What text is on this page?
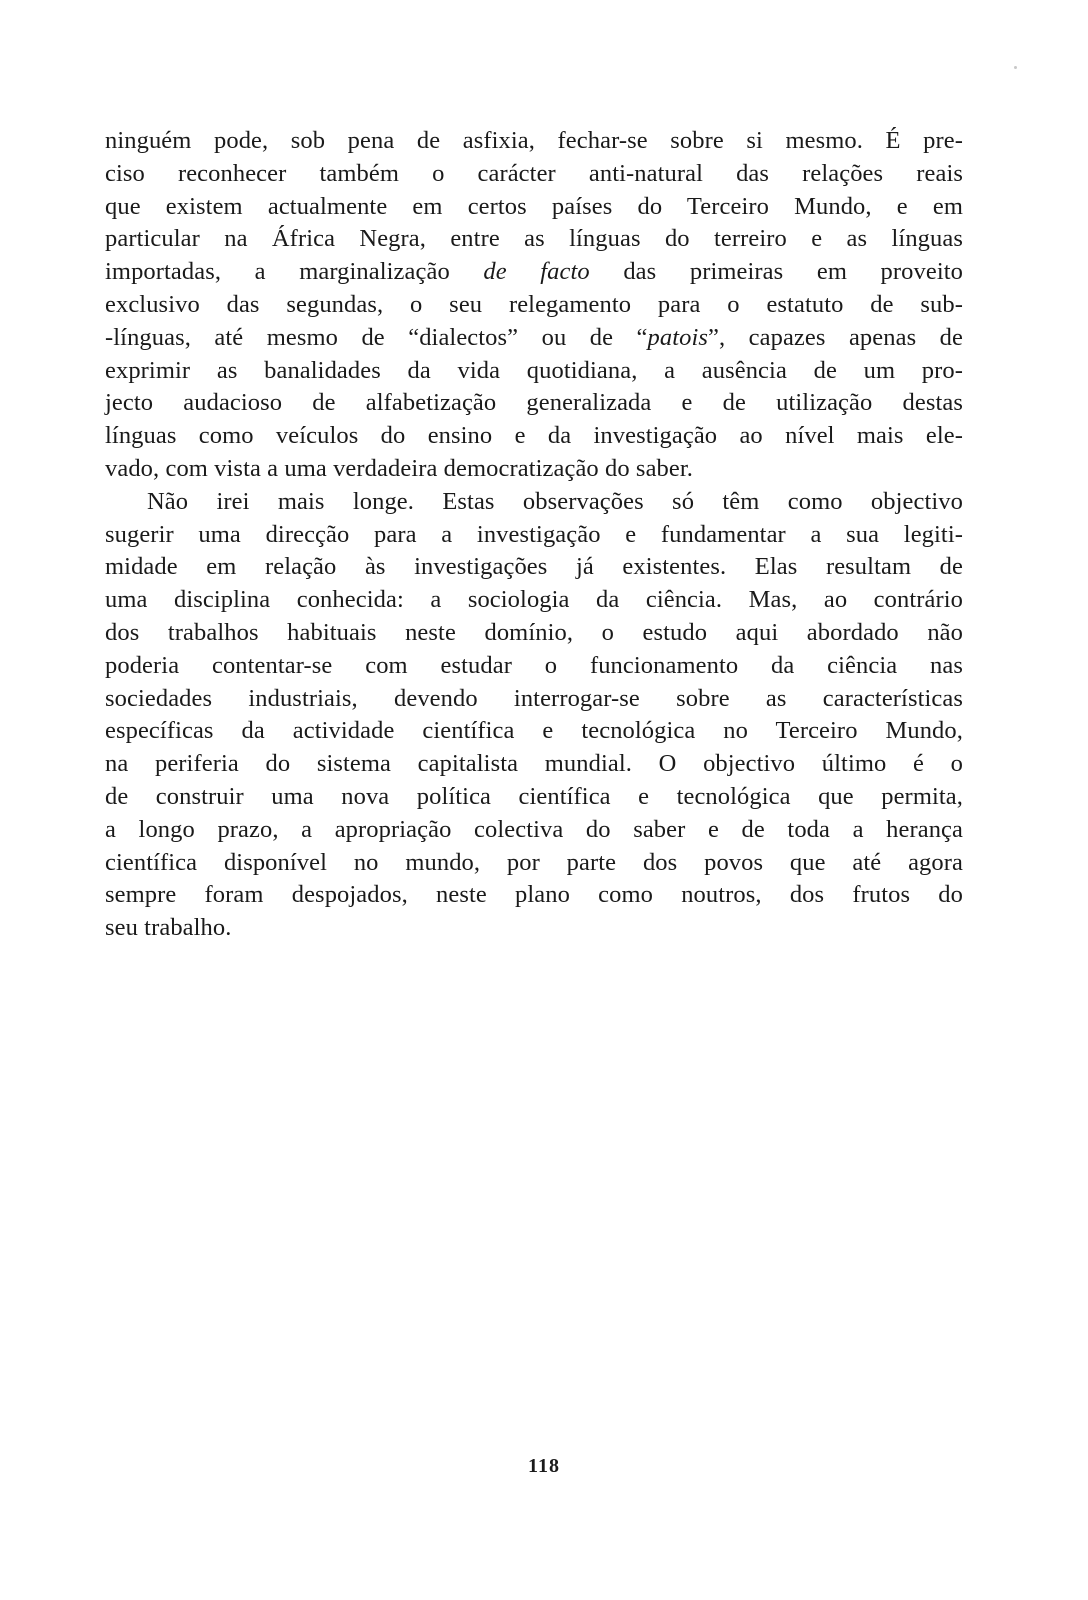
ninguém pode, sob pena de asfixia, fechar-se sobre si mesmo. É pre-
ciso reconhecer também o carácter anti-natural das relações reais
que existem actualmente em certos países do Terceiro Mundo, e em
particular na África Negra, entre as línguas do terreiro e as línguas
importadas, a marginalização de facto das primeiras em proveito
exclusivo das segundas, o seu relegamento para o estatuto de sub-
-línguas, até mesmo de “dialectos” ou de “patois”, capazes apenas de
exprimir as banalidades da vida quotidiana, a ausência de um pro-
jecto audacioso de alfabetização generalizada e de utilização destas
línguas como veículos do ensino e da investigação ao nível mais ele-
vado, com vista a uma verdadeira democratização do saber.
Não irei mais longe. Estas observações só têm como objectivo
sugerir uma direcção para a investigação e fundamentar a sua legiti-
midade em relação às investigações já existentes. Elas resultam de
uma disciplina conhecida: a sociologia da ciência. Mas, ao contrário
dos trabalhos habituais neste domínio, o estudo aqui abordado não
poderia contentar-se com estudar o funcionamento da ciência nas
sociedades industriais, devendo interrogar-se sobre as características
específicas da actividade científica e tecnológica no Terceiro Mundo,
na periferia do sistema capitalista mundial. O objectivo último é o
de construir uma nova política científica e tecnológica que permita,
a longo prazo, a apropriação colectiva do saber e de toda a herança
científica disponível no mundo, por parte dos povos que até agora
sempre foram despojados, neste plano como noutros, dos frutos do
seu trabalho.
118
